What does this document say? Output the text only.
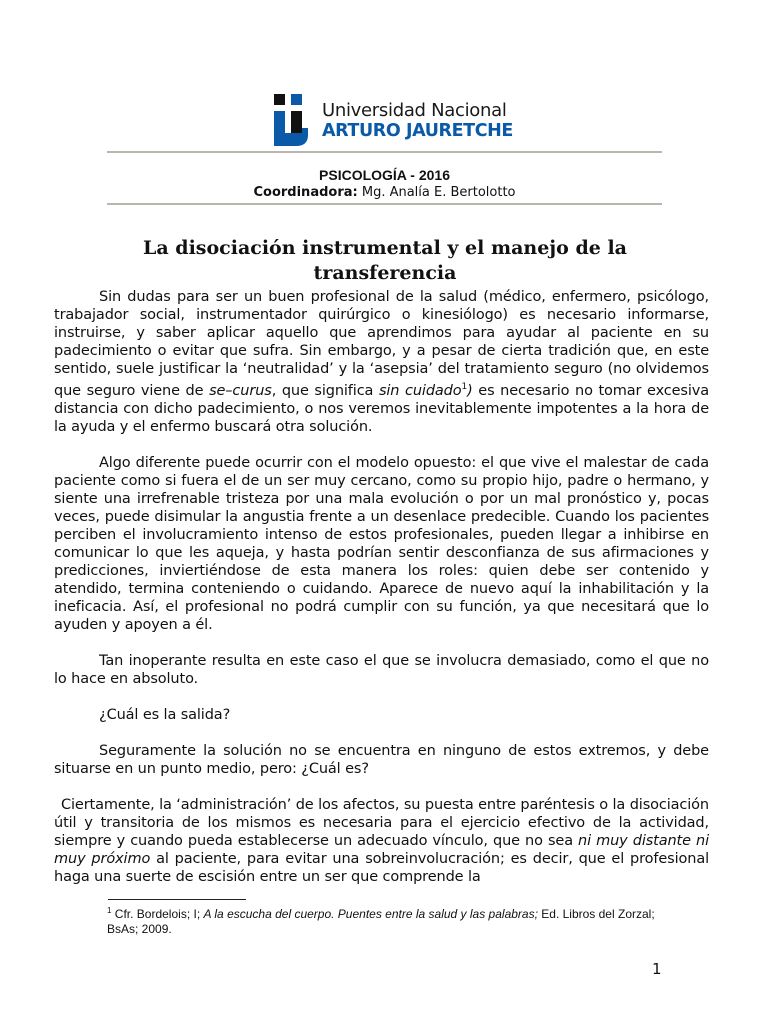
Universidad Nacional
ARTURO JAURETCHE
PSICOLOGÍA - 2016
Coordinadora: Mg. Analía E. Bertolotto
La disociación instrumental y el manejo de la transferencia

Sin dudas para ser un buen profesional de la salud (médico, enfermero, psicólogo, trabajador social, instrumentador quirúrgico o kinesiólogo) es necesario informarse, instruirse, y saber aplicar aquello que aprendimos para ayudar al paciente en su padecimiento o evitar que sufra. Sin embargo, y a pesar de cierta tradición que, en este sentido, suele justificar la ‘neutralidad’ y la ‘asepsia’ del tratamiento seguro (no olvidemos que seguro viene de se–curus, que significa sin cuidado$^1$) es necesario no tomar excesiva distancia con dicho padecimiento, o nos veremos inevitablemente impotentes a la hora de la ayuda y el enfermo buscará otra solución.

Algo diferente puede ocurrir con el modelo opuesto: el que vive el malestar de cada paciente como si fuera el de un ser muy cercano, como su propio hijo, padre o hermano, y siente una irrefrenable tristeza por una mala evolución o por un mal pronóstico y, pocas veces, puede disimular la angustia frente a un desenlace predecible. Cuando los pacientes perciben el involucramiento intenso de estos profesionales, pueden llegar a inhibirse en comunicar lo que les aqueja, y hasta podrían sentir desconfianza de sus afirmaciones y predicciones, inviertiéndose de esta manera los roles: quien debe ser contenido y atendido, termina conteniendo o cuidando. Aparece de nuevo aquí la inhabilitación y la ineficacia. Así, el profesional no podrá cumplir con su función, ya que necesitará que lo ayuden y apoyen a él.

Tan inoperante resulta en este caso el que se involucra demasiado, como el que no lo hace en absoluto.

¿Cuál es la salida?

Seguramente la solución no se encuentra en ninguno de estos extremos, y debe situarse en un punto medio, pero: ¿Cuál es?

Ciertamente, la ‘administración’ de los afectos, su puesta entre paréntesis o la disociación útil y transitoria de los mismos es necesaria para el ejercicio efectivo de la actividad, siempre y cuando pueda establecerse un adecuado vínculo, que no sea ni muy distante ni muy próximo al paciente, para evitar una sobreinvolucración; es decir, que el profesional haga una suerte de escisión entre un ser que comprende la

$^1$ Cfr. Bordelois; I; A la escucha del cuerpo. Puentes entre la salud y las palabras; Ed. Libros del Zorzal; BsAs; 2009.
1
